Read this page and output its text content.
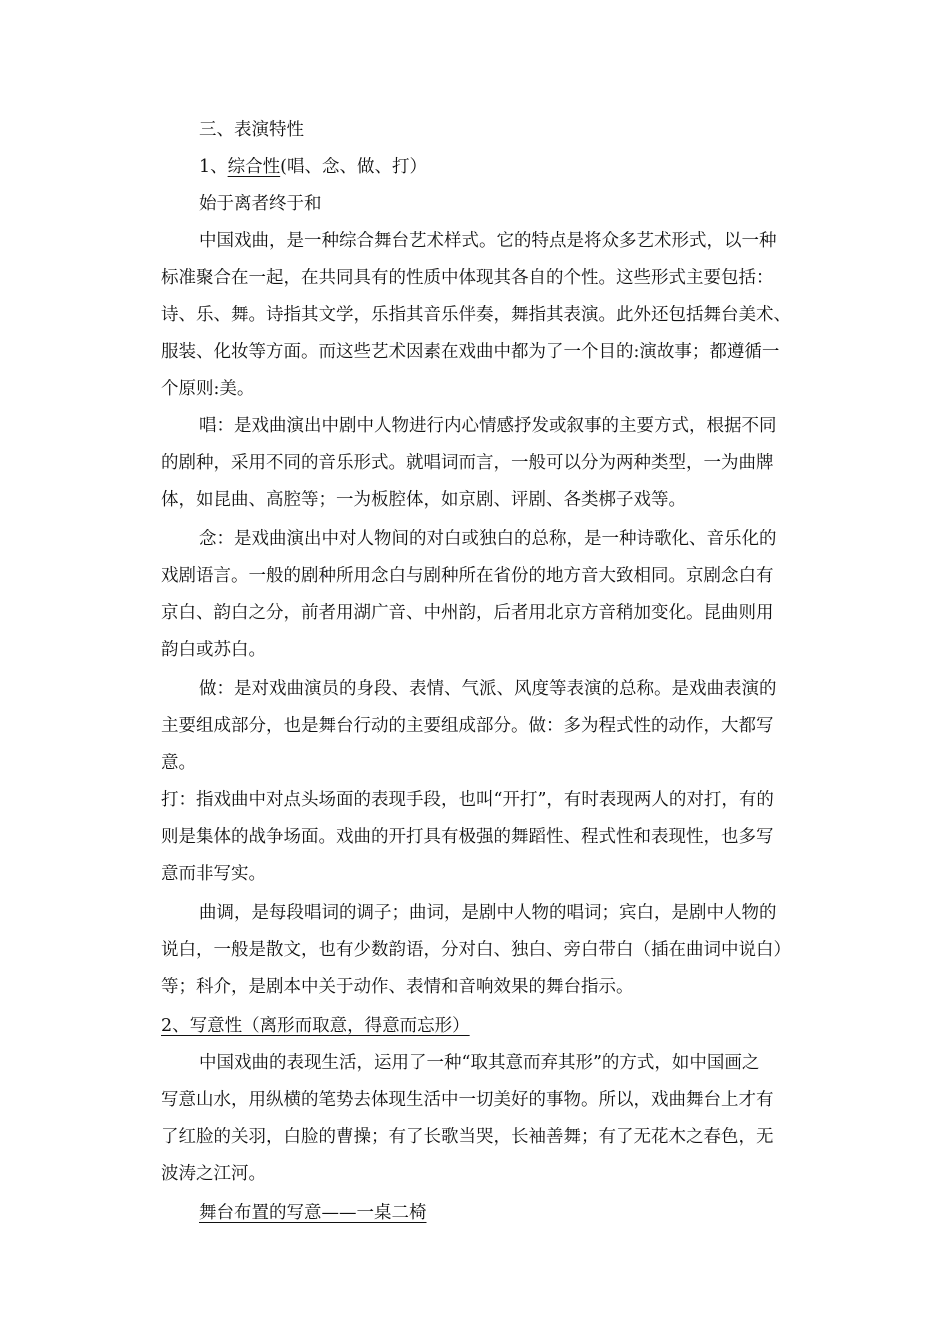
三、表演特性
1、综合性(唱、念、做、打）
始于离者终于和
中国戏曲，是一种综合舞台艺术样式。它的特点是将众多艺术形式，以一种
标准聚合在一起，在共同具有的性质中体现其各自的个性。这些形式主要包括：
诗、乐、舞。诗指其文学，乐指其音乐伴奏，舞指其表演。此外还包括舞台美术、
服装、化妆等方面。而这些艺术因素在戏曲中都为了一个目的:演故事；都遵循一
个原则:美。
唱：是戏曲演出中剧中人物进行内心情感抒发或叙事的主要方式，根据不同
的剧种，采用不同的音乐形式。就唱词而言，一般可以分为两种类型，一为曲牌
体，如昆曲、高腔等；一为板腔体，如京剧、评剧、各类梆子戏等。
念：是戏曲演出中对人物间的对白或独白的总称，是一种诗歌化、音乐化的
戏剧语言。一般的剧种所用念白与剧种所在省份的地方音大致相同。京剧念白有
京白、韵白之分，前者用湖广音、中州韵，后者用北京方音稍加变化。昆曲则用
韵白或苏白。
做：是对戏曲演员的身段、表情、气派、风度等表演的总称。是戏曲表演的
主要组成部分，也是舞台行动的主要组成部分。做：多为程式性的动作，大都写
意。
打：指戏曲中对点头场面的表现手段，也叫“开打”，有时表现两人的对打，有的
则是集体的战争场面。戏曲的开打具有极强的舞蹈性、程式性和表现性，也多写
意而非写实。
曲调，是每段唱词的调子；曲词，是剧中人物的唱词；宾白，是剧中人物的
说白，一般是散文，也有少数韵语，分对白、独白、旁白带白（插在曲词中说白）
等；科介，是剧本中关于动作、表情和音响效果的舞台指示。
2、写意性（离形而取意，得意而忘形）
中国戏曲的表现生活，运用了一种“取其意而弃其形”的方式，如中国画之
写意山水，用纵横的笔势去体现生活中一切美好的事物。所以，戏曲舞台上才有
了红脸的关羽，白脸的曹操；有了长歌当哭，长袖善舞；有了无花木之春色，无
波涛之江河。
舞台布置的写意——一桌二椅
